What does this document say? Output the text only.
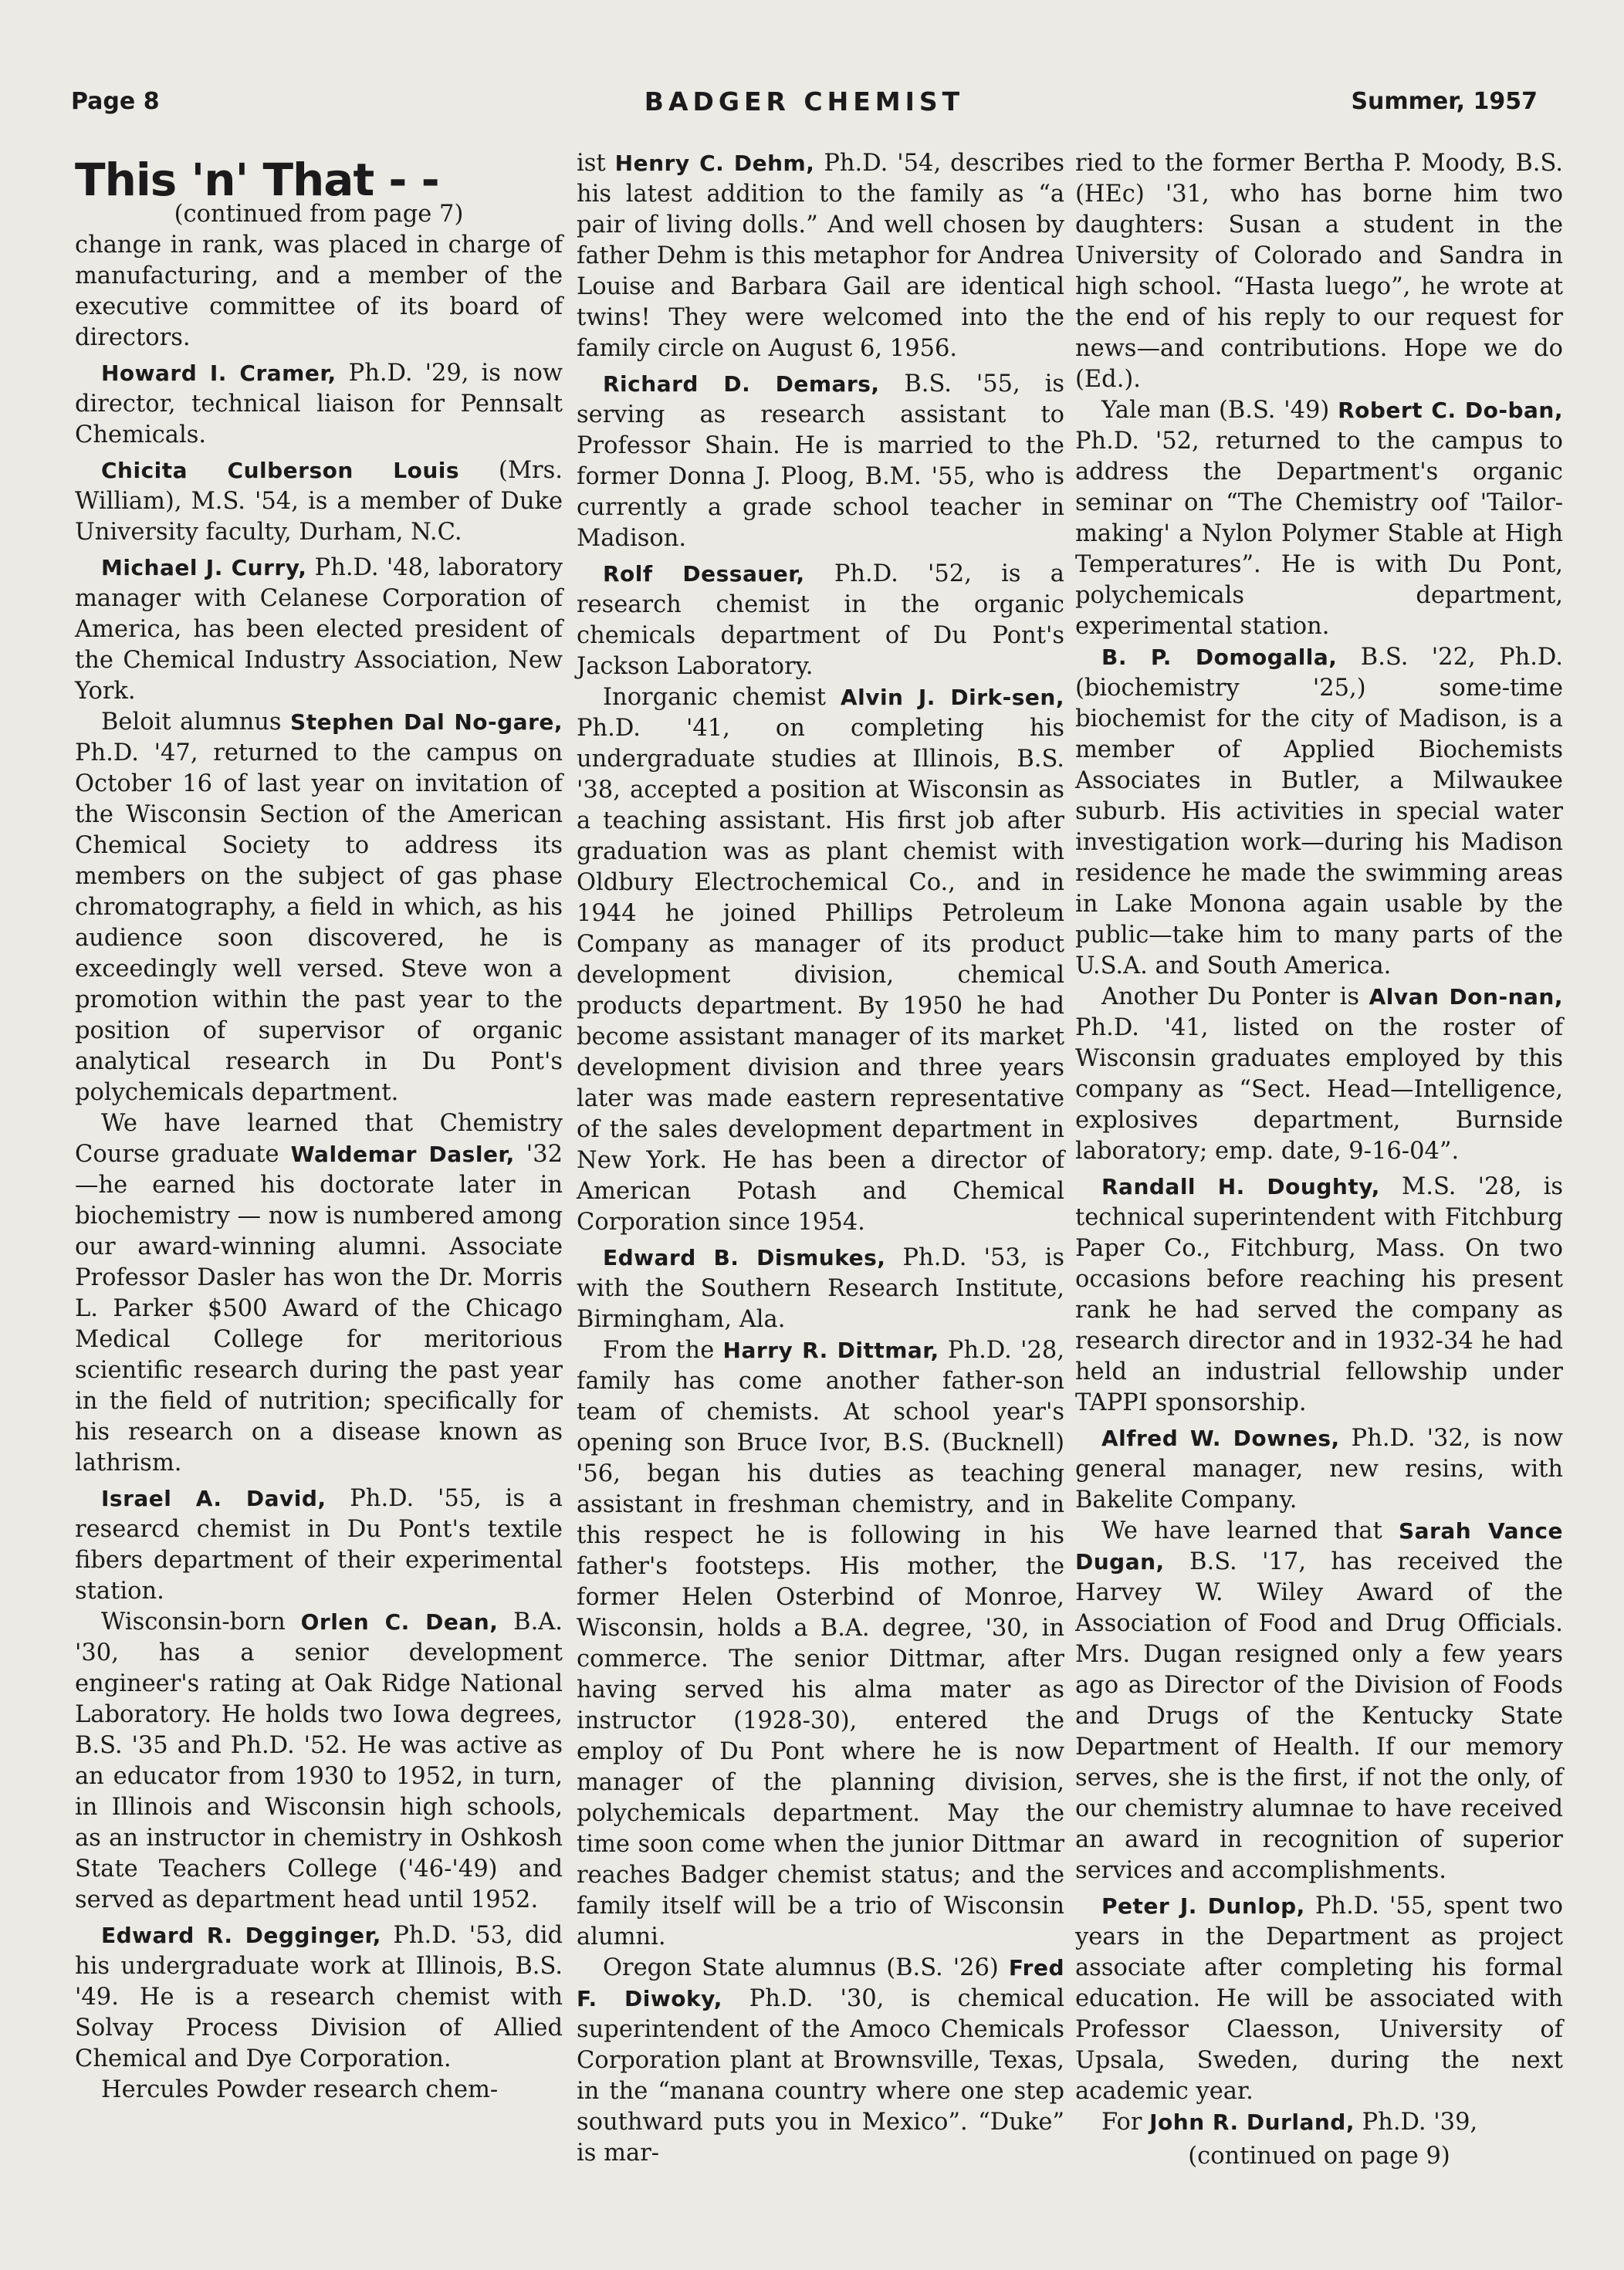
Page 8	BADGER CHEMIST	Summer, 1957
This 'n' That - -

(continued from page 7)

change in rank, was placed in charge of manufacturing, and a member of the executive committee of its board of directors.

Howard I. Cramer, Ph.D. '29, is now director, technical liaison for Pennsalt Chemicals.

Chicita Culberson Louis (Mrs. William), M.S. '54, is a member of Duke University faculty, Durham, N.C.

Michael J. Curry, Ph.D. '48, laboratory manager with Celanese Corporation of America, has been elected president of the Chemical Industry Association, New York.

Beloit alumnus Stephen Dal No-gare, Ph.D. '47, returned to the campus on October 16 of last year on invitation of the Wisconsin Section of the American Chemical Society to address its members on the subject of gas phase chromatography, a field in which, as his audience soon discovered, he is exceedingly well versed. Steve won a promotion within the past year to the position of supervisor of organic analytical research in Du Pont's polychemicals department.

We have learned that Chemistry Course graduate Waldemar Dasler, '32—he earned his doctorate later in biochemistry — now is numbered among our award-winning alumni. Associate Professor Dasler has won the Dr. Morris L. Parker $500 Award of the Chicago Medical College for meritorious scientific research during the past year in the field of nutrition; specifically for his research on a disease known as lathrism.

Israel A. David, Ph.D. '55, is a researcd chemist in Du Pont's textile fibers department of their experimental station.

Wisconsin-born Orlen C. Dean, B.A. '30, has a senior development engineer's rating at Oak Ridge National Laboratory. He holds two Iowa degrees, B.S. '35 and Ph.D. '52. He was active as an educator from 1930 to 1952, in turn, in Illinois and Wisconsin high schools, as an instructor in chemistry in Oshkosh State Teachers College ('46-'49) and served as department head until 1952.

Edward R. Degginger, Ph.D. '53, did his undergraduate work at Illinois, B.S. '49. He is a research chemist with Solvay Process Division of Allied Chemical and Dye Corporation.

Hercules Powder research chem-

ist Henry C. Dehm, Ph.D. '54, describes his latest addition to the family as “a pair of living dolls.” And well chosen by father Dehm is this metaphor for Andrea Louise and Barbara Gail are identical twins! They were welcomed into the family circle on August 6, 1956.

Richard D. Demars, B.S. '55, is serving as research assistant to Professor Shain. He is married to the former Donna J. Ploog, B.M. '55, who is currently a grade school teacher in Madison.

Rolf Dessauer, Ph.D. '52, is a research chemist in the organic chemicals department of Du Pont's Jackson Laboratory.

Inorganic chemist Alvin J. Dirk-sen, Ph.D. '41, on completing his undergraduate studies at Illinois, B.S. '38, accepted a position at Wisconsin as a teaching assistant. His first job after graduation was as plant chemist with Oldbury Electrochemical Co., and in 1944 he joined Phillips Petroleum Company as manager of its product development division, chemical products department. By 1950 he had become assistant manager of its market development division and three years later was made eastern representative of the sales development department in New York. He has been a director of American Potash and Chemical Corporation since 1954.

Edward B. Dismukes, Ph.D. '53, is with the Southern Research Institute, Birmingham, Ala.

From the Harry R. Dittmar, Ph.D. '28, family has come another father-son team of chemists. At school year's opening son Bruce Ivor, B.S. (Bucknell) '56, began his duties as teaching assistant in freshman chemistry, and in this respect he is following in his father's footsteps. His mother, the former Helen Osterbind of Monroe, Wisconsin, holds a B.A. degree, '30, in commerce. The senior Dittmar, after having served his alma mater as instructor (1928-30), entered the employ of Du Pont where he is now manager of the planning division, polychemicals department. May the time soon come when the junior Dittmar reaches Badger chemist status; and the family itself will be a trio of Wisconsin alumni.

Oregon State alumnus (B.S. '26) Fred F. Diwoky, Ph.D. '30, is chemical superintendent of the Amoco Chemicals Corporation plant at Brownsville, Texas, in the “manana country where one step southward puts you in Mexico”. “Duke” is mar-

ried to the former Bertha P. Moody, B.S. (HEc) '31, who has borne him two daughters: Susan a student in the University of Colorado and Sandra in high school. “Hasta luego”, he wrote at the end of his reply to our request for news—and contributions. Hope we do (Ed.).

Yale man (B.S. '49) Robert C. Do-ban, Ph.D. '52, returned to the campus to address the Department's organic seminar on “The Chemistry oof 'Tailor-making' a Nylon Polymer Stable at High Temperatures”. He is with Du Pont, polychemicals department, experimental station.

B. P. Domogalla, B.S. '22, Ph.D. (biochemistry '25,) some-time biochemist for the city of Madison, is a member of Applied Biochemists Associates in Butler, a Milwaukee suburb. His activities in special water investigation work—during his Madison residence he made the swimming areas in Lake Monona again usable by the public—take him to many parts of the U.S.A. and South America.

Another Du Ponter is Alvan Don-nan, Ph.D. '41, listed on the roster of Wisconsin graduates employed by this company as “Sect. Head—Intelligence, explosives department, Burnside laboratory; emp. date, 9-16-04”.

Randall H. Doughty, M.S. '28, is technical superintendent with Fitchburg Paper Co., Fitchburg, Mass. On two occasions before reaching his present rank he had served the company as research director and in 1932-34 he had held an industrial fellowship under TAPPI sponsorship.

Alfred W. Downes, Ph.D. '32, is now general manager, new resins, with Bakelite Company.

We have learned that Sarah Vance Dugan, B.S. '17, has received the Harvey W. Wiley Award of the Association of Food and Drug Officials. Mrs. Dugan resigned only a few years ago as Director of the Division of Foods and Drugs of the Kentucky State Department of Health. If our memory serves, she is the first, if not the only, of our chemistry alumnae to have received an award in recognition of superior services and accomplishments.

Peter J. Dunlop, Ph.D. '55, spent two years in the Department as project associate after completing his formal education. He will be associated with Professor Claesson, University of Upsala, Sweden, during the next academic year.

For John R. Durland, Ph.D. '39,

(continued on page 9)
